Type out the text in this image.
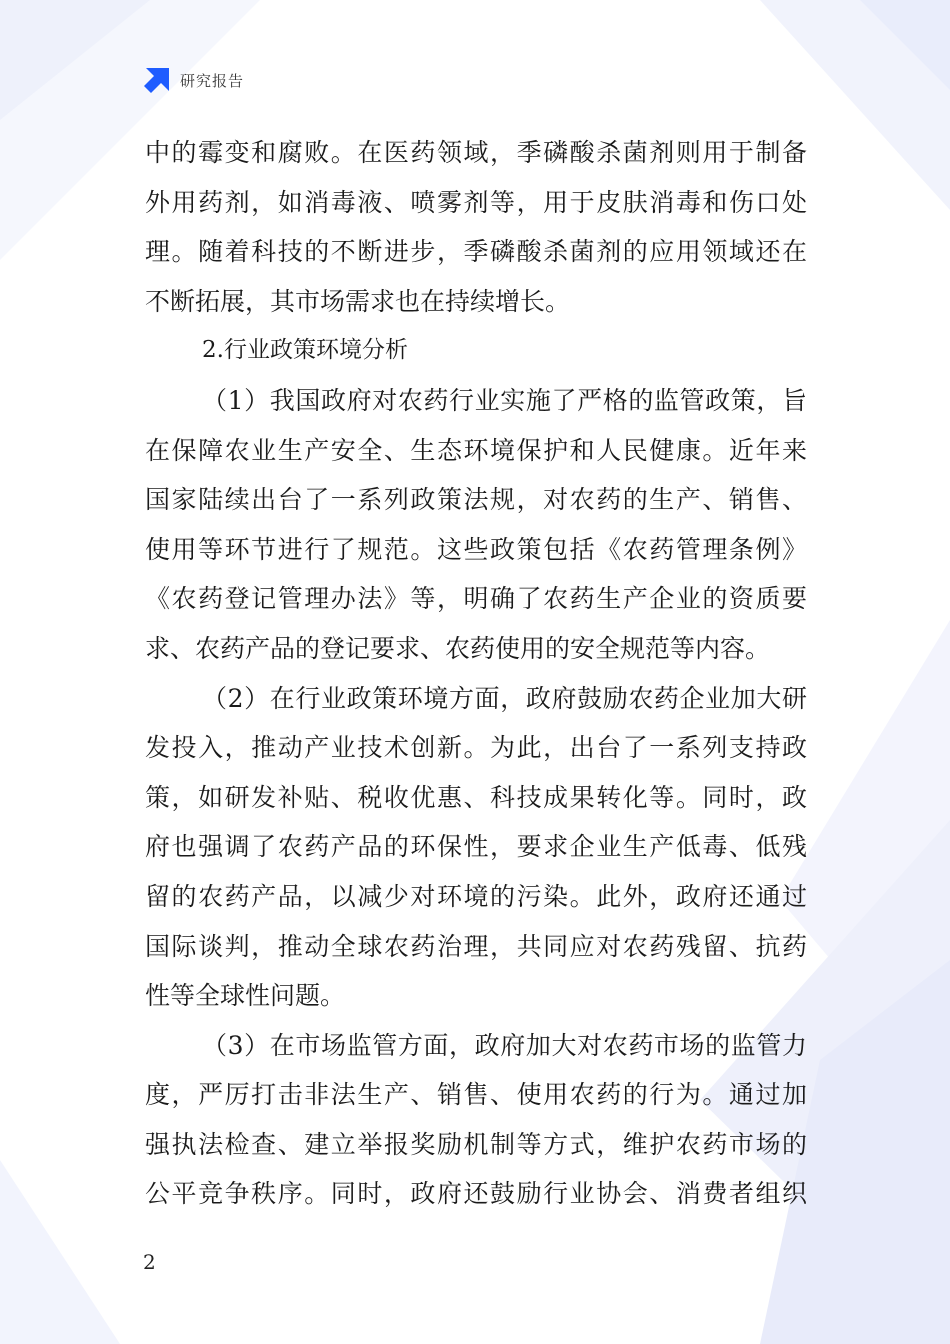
研究报告
中的霉变和腐败。在医药领域，季磷酸杀菌剂则用于制备
外用药剂，如消毒液、喷雾剂等，用于皮肤消毒和伤口处
理。随着科技的不断进步，季磷酸杀菌剂的应用领域还在
不断拓展，其市场需求也在持续增长。
2.行业政策环境分析
（1）我国政府对农药行业实施了严格的监管政策，旨
在保障农业生产安全、生态环境保护和人民健康。近年来
国家陆续出台了一系列政策法规，对农药的生产、销售、
使用等环节进行了规范。这些政策包括《农药管理条例》
《农药登记管理办法》等，明确了农药生产企业的资质要
求、农药产品的登记要求、农药使用的安全规范等内容。
（2）在行业政策环境方面，政府鼓励农药企业加大研
发投入，推动产业技术创新。为此，出台了一系列支持政
策，如研发补贴、税收优惠、科技成果转化等。同时，政
府也强调了农药产品的环保性，要求企业生产低毒、低残
留的农药产品，以减少对环境的污染。此外，政府还通过
国际谈判，推动全球农药治理，共同应对农药残留、抗药
性等全球性问题。
（3）在市场监管方面，政府加大对农药市场的监管力
度，严厉打击非法生产、销售、使用农药的行为。通过加
强执法检查、建立举报奖励机制等方式，维护农药市场的
公平竞争秩序。同时，政府还鼓励行业协会、消费者组织
2
